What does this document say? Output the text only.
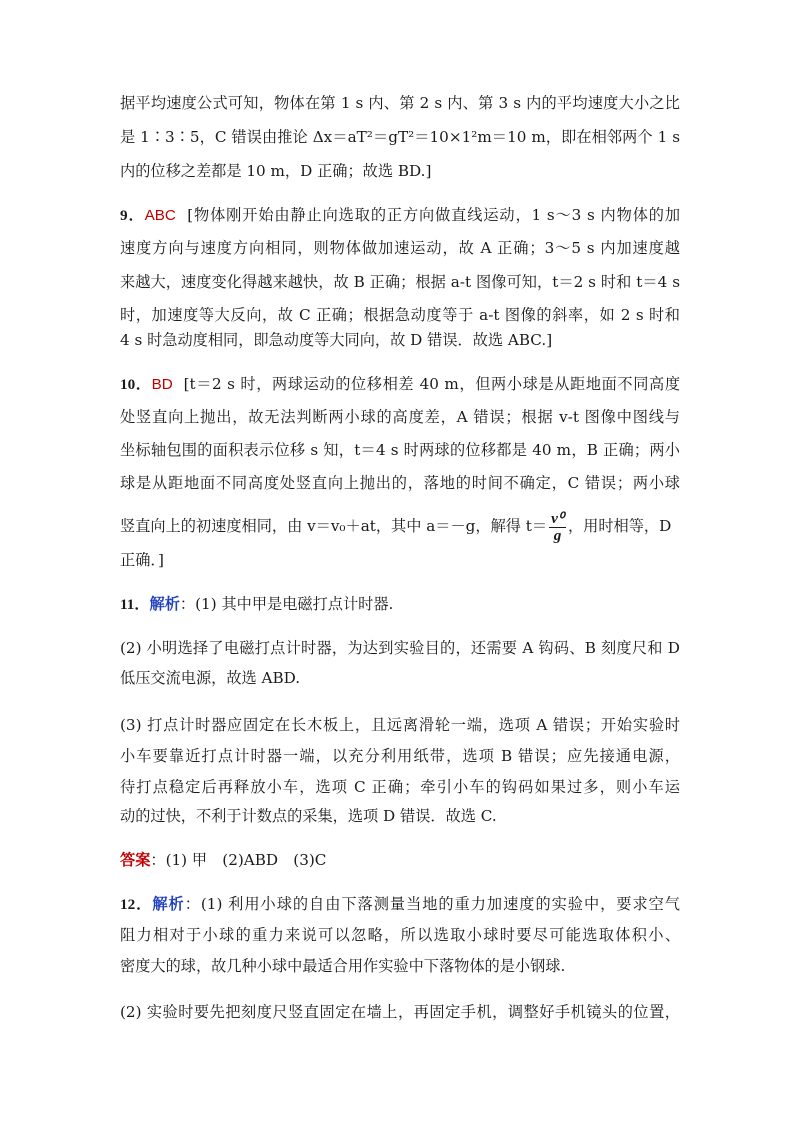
据平均速度公式可知，物体在第 1 s 内、第 2 s 内、第 3 s 内的平均速度大小之比
是 1∶3∶5，C 错误由推论 Δx＝aT²＝gT²＝10×1²m＝10 m，即在相邻两个 1 s
内的位移之差都是 10 m，D 正确；故选 BD.]
9．ABC [物体刚开始由静止向选取的正方向做直线运动，1 s～3 s 内物体的加
速度方向与速度方向相同，则物体做加速运动，故 A 正确；3～5 s 内加速度越
来越大，速度变化得越来越快，故 B 正确；根据 a-t 图像可知，t＝2 s 时和 t＝4 s
时，加速度等大反向，故 C 正确；根据急动度等于 a-t 图像的斜率，如 2 s 时和
4 s 时急动度相同，即急动度等大同向，故 D 错误．故选 ABC.]
10．BD [t＝2 s 时，两球运动的位移相差 40 m，但两小球是从距地面不同高度
处竖直向上抛出，故无法判断两小球的高度差，A 错误；根据 v-t 图像中图线与
坐标轴包围的面积表示位移 s 知，t＝4 s 时两球的位移都是 40 m，B 正确；两小
球是从距地面不同高度处竖直向上抛出的，落地的时间不确定，C 错误；两小球
竖直向上的初速度相同，由 v＝v₀＋at，其中 a＝－g，解得 $t= \frac{\text{v⁰}}{g}$ ，用时相等，D
正确．]
11．解析：(1) 其中甲是电磁打点计时器.
(2) 小明选择了电磁打点计时器，为达到实验目的，还需要 A 钩码、B 刻度尺和 D
低压交流电源，故选 ABD.
(3) 打点计时器应固定在长木板上，且远离滑轮一端，选项 A 错误；开始实验时
小车要靠近打点计时器一端，以充分利用纸带，选项 B 错误；应先接通电源，
待打点稳定后再释放小车，选项 C 正确；牵引小车的钩码如果过多，则小车运
动的过快，不利于计数点的采集，选项 D 错误．故选 C.
答案：(1) 甲　(2)ABD　(3)C
12．解析：(1) 利用小球的自由下落测量当地的重力加速度的实验中，要求空气
阻力相对于小球的重力来说可以忽略，所以选取小球时要尽可能选取体积小、
密度大的球，故几种小球中最适合用作实验中下落物体的是小钢球.
(2) 实验时要先把刻度尺竖直固定在墙上，再固定手机，调整好手机镜头的位置，
